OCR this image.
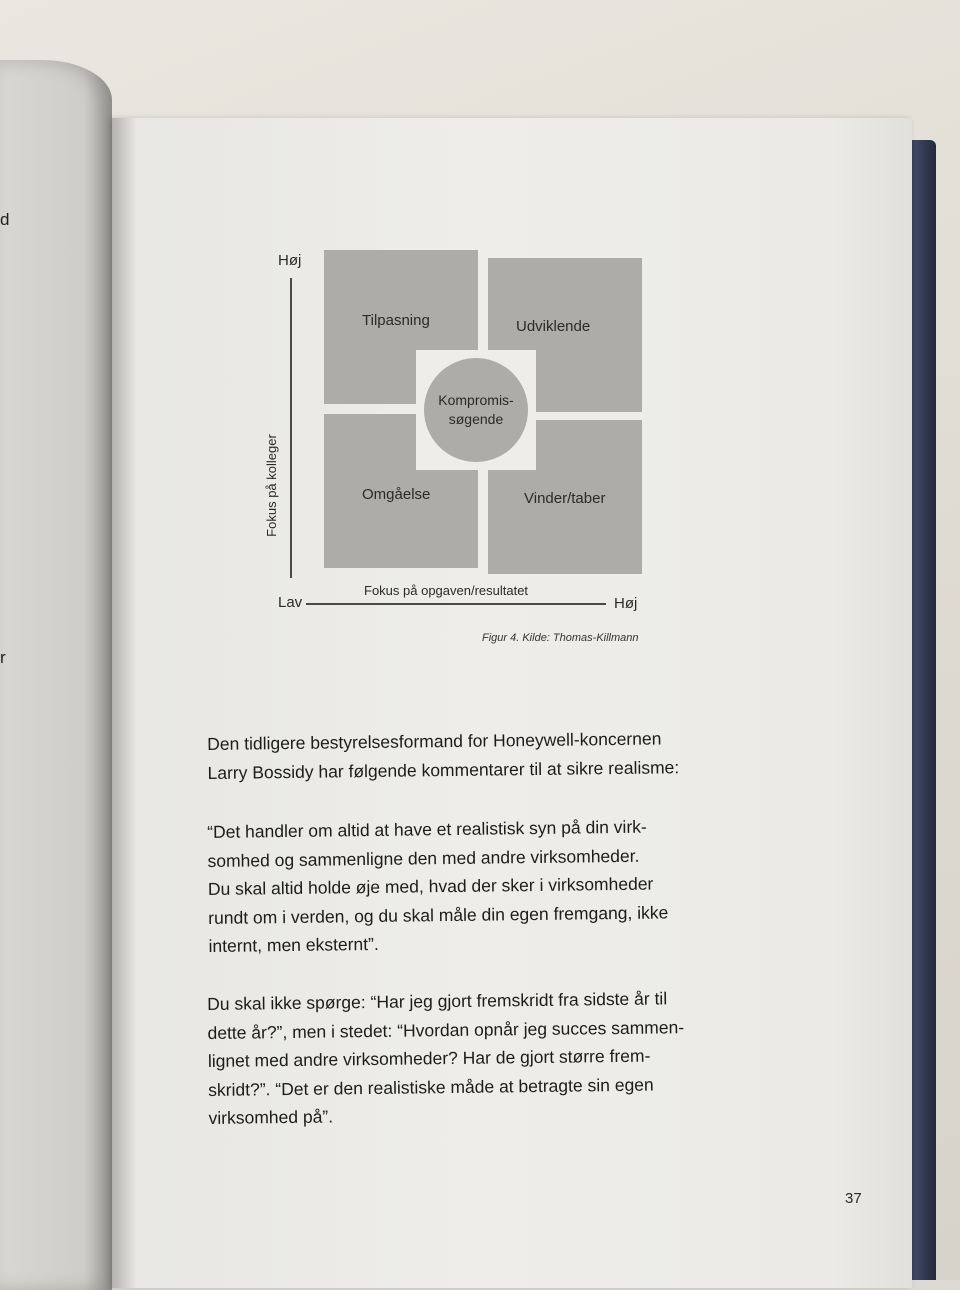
d
r
Høj
Fokus på kolleger
Lav	Høj
Fokus på opgaven/resultatet
Tilpasning	Udviklende
Omgåelse	Vinder/taber
Kompromis-
søgende
Figur 4. Kilde: Thomas-Killmann
Den tidligere bestyrelsesformand for Honeywell-koncernen
Larry Bossidy har følgende kommentarer til at sikre realisme:
“Det handler om altid at have et realistisk syn på din virk-
somhed og sammenligne den med andre virksomheder.
Du skal altid holde øje med, hvad der sker i virksomheder
rundt om i verden, og du skal måle din egen fremgang, ikke
internt, men eksternt”.
Du skal ikke spørge: “Har jeg gjort fremskridt fra sidste år til
dette år?”, men i stedet: “Hvordan opnår jeg succes sammen-
lignet med andre virksomheder? Har de gjort større frem-
skridt?”. “Det er den realistiske måde at betragte sin egen
virksomhed på”.
37
